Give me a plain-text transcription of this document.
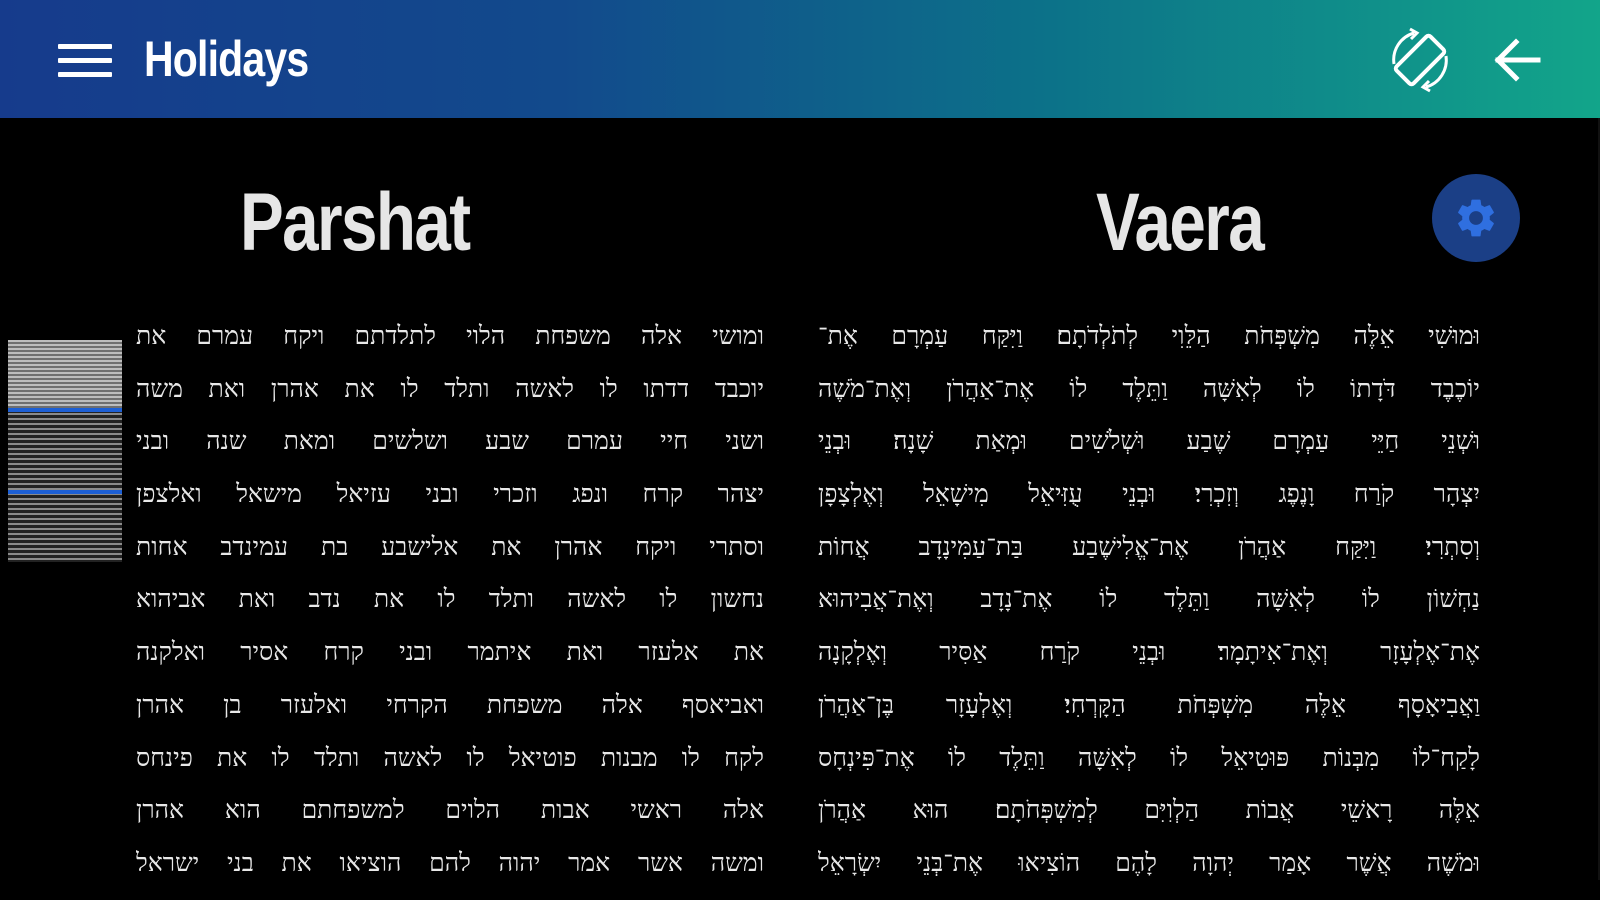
Holidays
Parshat	Vaera

ומושי אלה משפחת הלוי לתלדתם ויקח עמרם את

יוכבד דדתו לו לאשה ותלד לו את אהרן ואת משה

ושני חיי עמרם שבע ושלשים ומאת שנה ובני

יצהר קרח ונפג וזכרי ובני עזיאל מישאל ואלצפן

וסתרי ויקח אהרן את אלישבע בת עמינדב אחות

נחשון לו לאשה ותלד לו את נדב ואת אביהוא

את אלעזר ואת איתמר ובני קרח אסיר ואלקנה

ואביאסף אלה משפחת הקרחי ואלעזר בן אהרן

לקח לו מבנות פוטיאל לו לאשה ותלד לו את פינחס

אלה ראשי אבות הלוים למשפחתם הוא אהרן

ומשה אשר אמר יהוה להם הוציאו את בני ישראל

וּמוּשִׁי אֵלֶּה מִשְׁפְּחֹת הַלֵּוִי לְתֹלְדֹתָם׃ וַיִּקַּח עַמְרָם אֶת־

יוֹכֶבֶד דֹּדָתוֹ לוֹ לְאִשָּׁה וַתֵּלֶד לוֹ אֶת־אַהֲרֹן וְאֶת־מֹשֶׁה

וּשְׁנֵי חַיֵּי עַמְרָם שֶׁבַע וּשְׁלֹשִׁים וּמְאַת שָׁנָה׃ וּבְנֵי

יִצְהָר קֹרַח וָנֶפֶג וְזִכְרִי׃ וּבְנֵי עֻזִּיאֵל מִישָׁאֵל וְאֶלְצָפָן

וְסִתְרִי׃ וַיִּקַּח אַהֲרֹן אֶת־אֱלִישֶׁבַע בַּת־עַמִּינָדָב אֲחוֹת

נַחְשׁוֹן לוֹ לְאִשָּׁה וַתֵּלֶד לוֹ אֶת־נָדָב וְאֶת־אֲבִיהוּא

אֶת־אֶלְעָזָר וְאֶת־אִיתָמָר׃ וּבְנֵי קֹרַח אַסִּיר וְאֶלְקָנָה

וַאֲבִיאָסָף אֵלֶּה מִשְׁפְּחֹת הַקָּרְחִי׃ וְאֶלְעָזָר בֶּן־אַהֲרֹן

לָקַח־לוֹ מִבְּנוֹת פּוּטִיאֵל לוֹ לְאִשָּׁה וַתֵּלֶד לוֹ אֶת־פִּינְחָס

אֵלֶּה רָאשֵׁי אֲבוֹת הַלְוִיִּם לְמִשְׁפְּחֹתָם׃ הוּא אַהֲרֹן

וּמֹשֶׁה אֲשֶׁר אָמַר יְהוָה לָהֶם הוֹצִיאוּ אֶת־בְּנֵי יִשְׂרָאֵל
